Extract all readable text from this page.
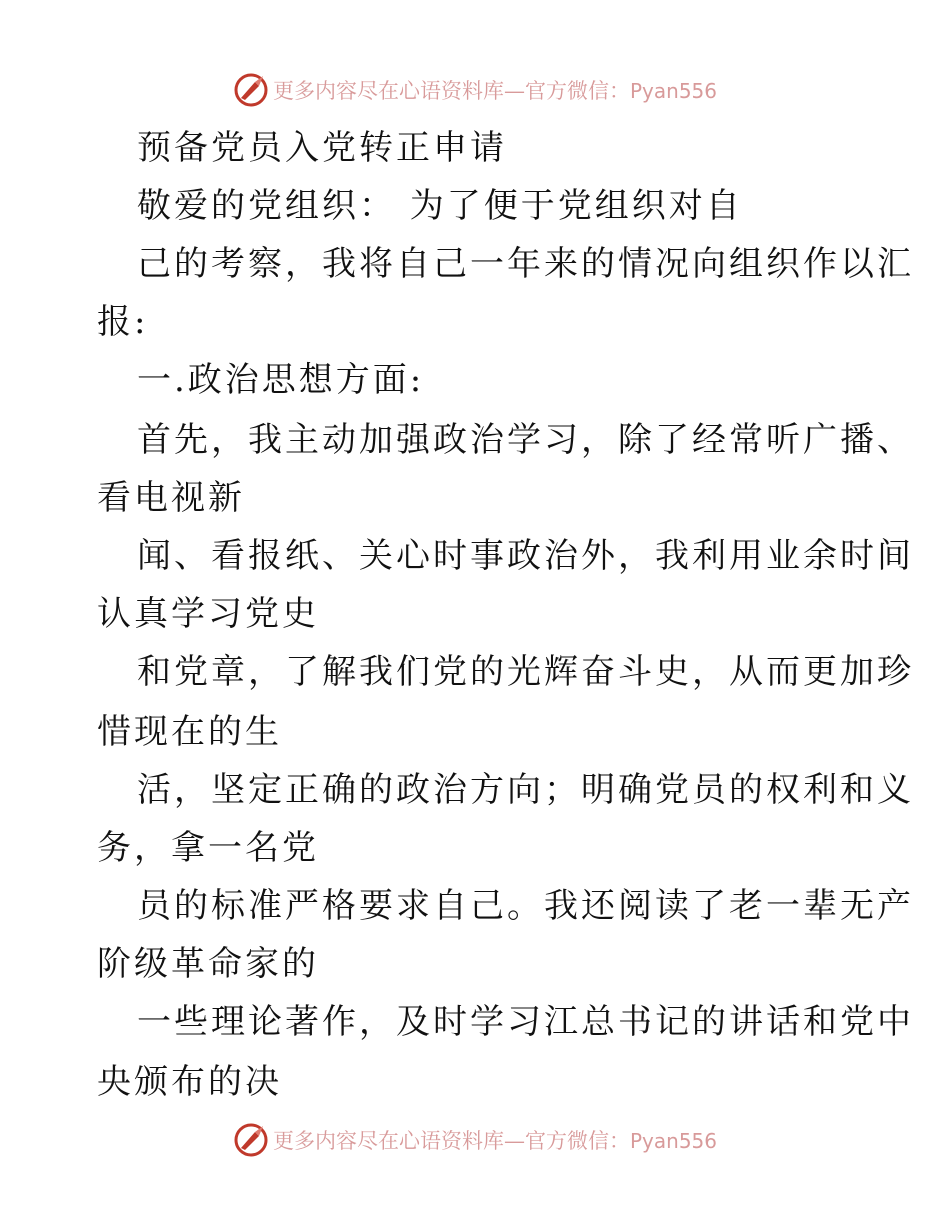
更多内容尽在心语资料库—官方微信：Pyan556
预备党员入党转正申请
敬爱的党组织： 为了便于党组织对自
己的考察，我将自己一年来的情况向组织作以汇
报:
一.政治思想方面:
首先，我主动加强政治学习，除了经常听广播、
看电视新
闻、看报纸、关心时事政治外，我利用业余时间
认真学习党史
和党章，了解我们党的光辉奋斗史，从而更加珍
惜现在的生
活，坚定正确的政治方向；明确党员的权利和义
务，拿一名党
员的标准严格要求自己。我还阅读了老一辈无产
阶级革命家的
一些理论著作，及时学习江总书记的讲话和党中
央颁布的决
更多内容尽在心语资料库—官方微信：Pyan556
